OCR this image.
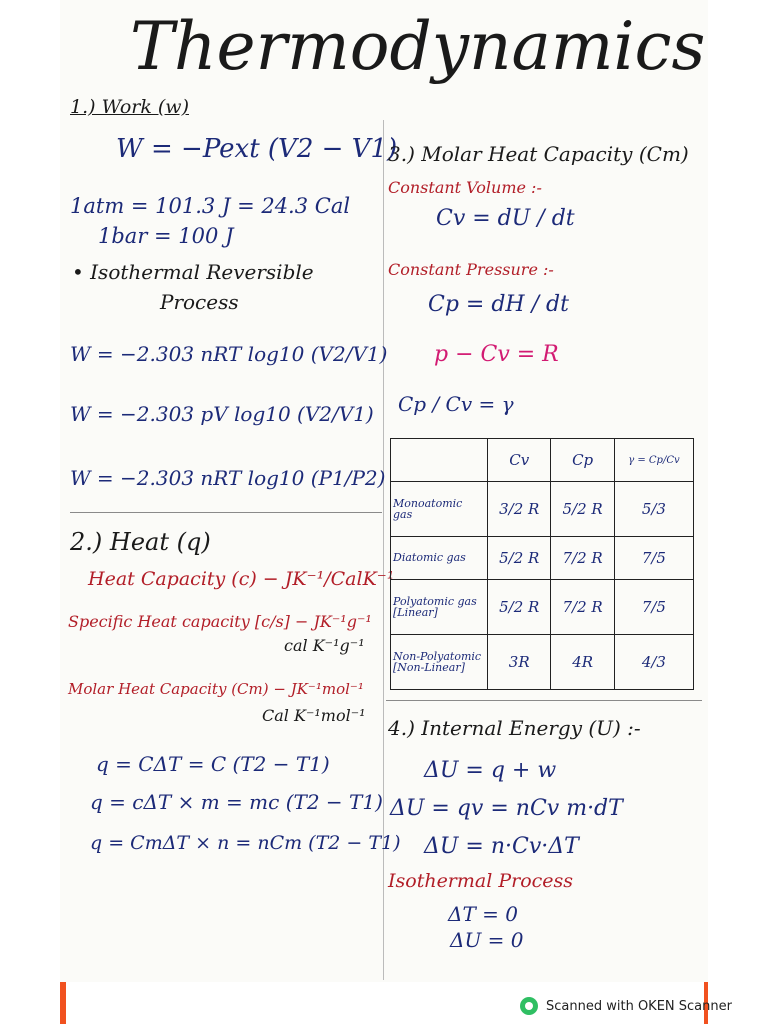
Thermodynamics
1.) Work (w)
W = −Pext (V2 − V1)
1atm = 101.3 J = 24.3 Cal
1bar = 100 J
• Isothermal Reversible
Process
W = −2.303 nRT log10 (V2/V1)
W = −2.303 pV log10 (V2/V1)
W = −2.303 nRT log10 (P1/P2)
2.) Heat (q)
Heat Capacity (c) − JK⁻¹/CalK⁻¹
Specific Heat capacity [c/s] − JK⁻¹g⁻¹
cal K⁻¹g⁻¹
Molar Heat Capacity (Cm) − JK⁻¹mol⁻¹
Cal K⁻¹mol⁻¹
q = CΔT = C (T2 − T1)
q = cΔT × m = mc (T2 − T1)
q = CmΔT × n = nCm (T2 − T1)
3.) Molar Heat Capacity (Cm)
Constant Volume :-
Cv = dU / dt
Constant Pressure :-
Cp = dH / dt
p − Cv = R
Cp / Cv = γ
	Cv	Cp	γ = Cp/Cv
Monoatomic gas	3/2 R	5/2 R	5/3
Diatomic gas	5/2 R	7/2 R	7/5
Polyatomic gas [Linear]	5/2 R	7/2 R	7/5
Non-Polyatomic [Non-Linear]	3R	4R	4/3
4.) Internal Energy (U) :-
ΔU = q + w
ΔU = qv = nCv m·dT
ΔU = n·Cv·ΔT
Isothermal Process
ΔT = 0
ΔU = 0
Scanned with OKEN Scanner
